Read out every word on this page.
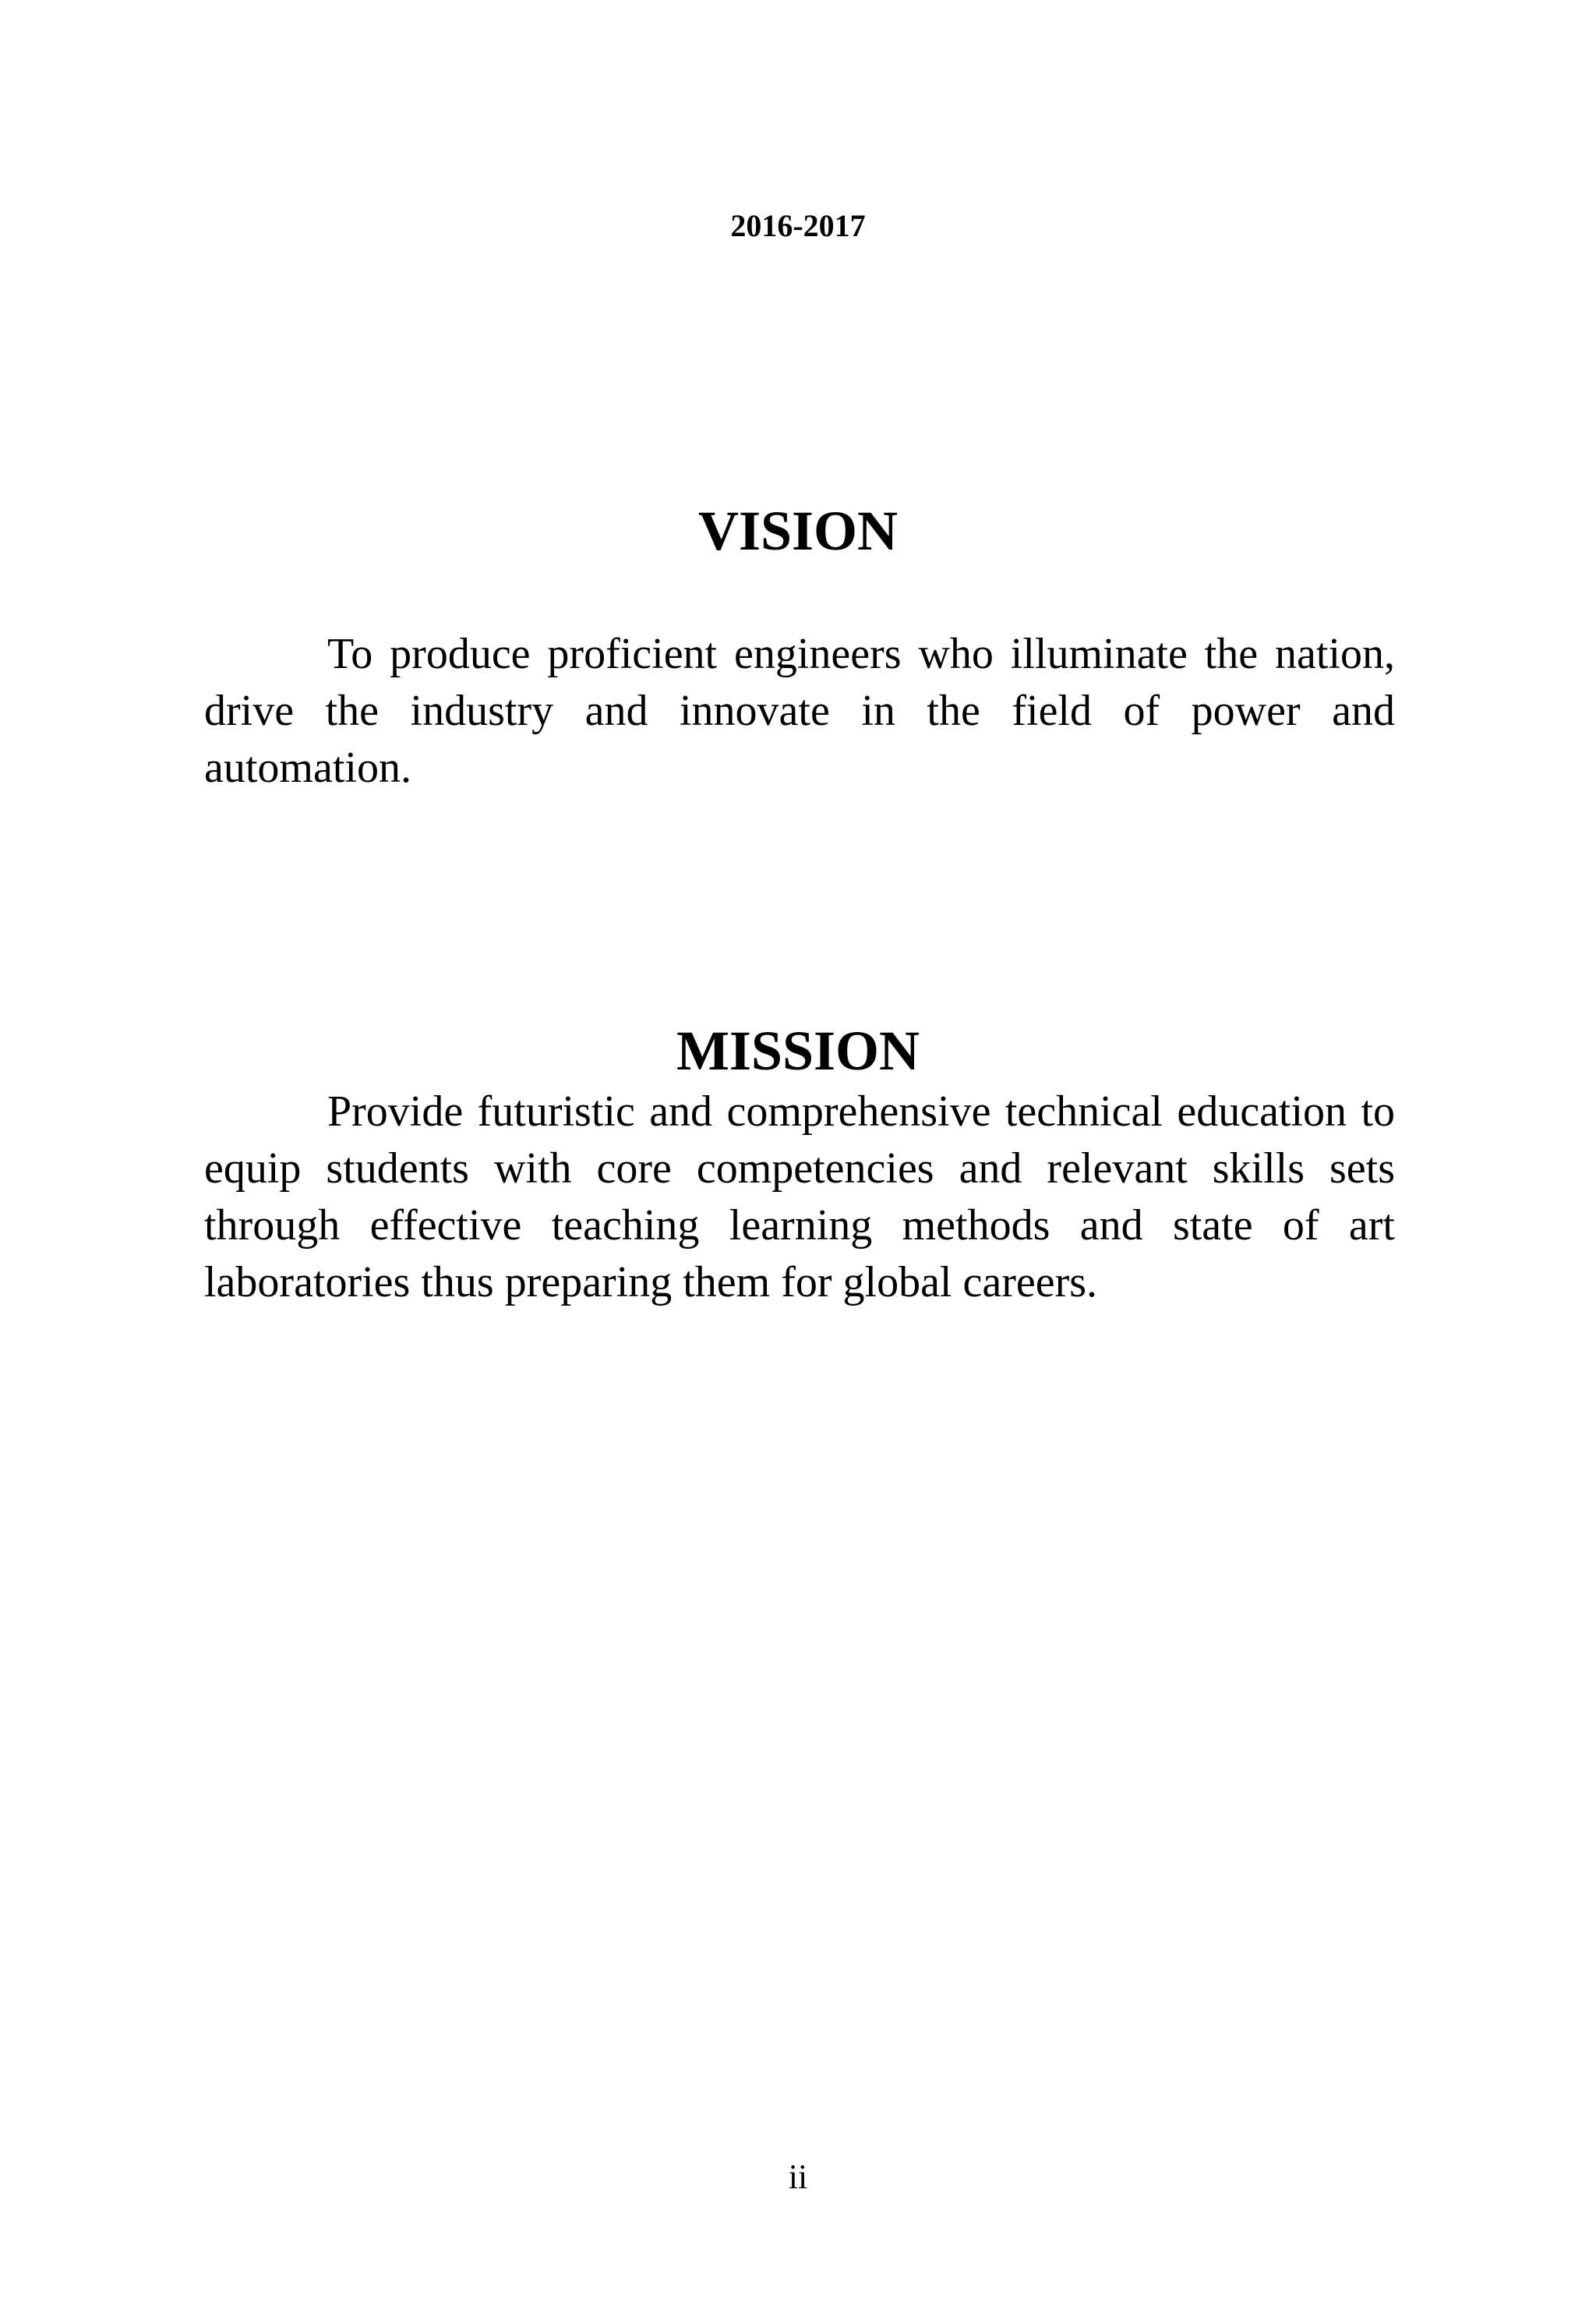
2016-2017

VISION

To produce proficient engineers who illuminate the nation, drive the industry and innovate in the field of power and automation.

MISSION

Provide futuristic and comprehensive technical education to equip students with core competencies and relevant skills sets through effective teaching learning methods and state of art laboratories thus preparing them for global careers.

ii
